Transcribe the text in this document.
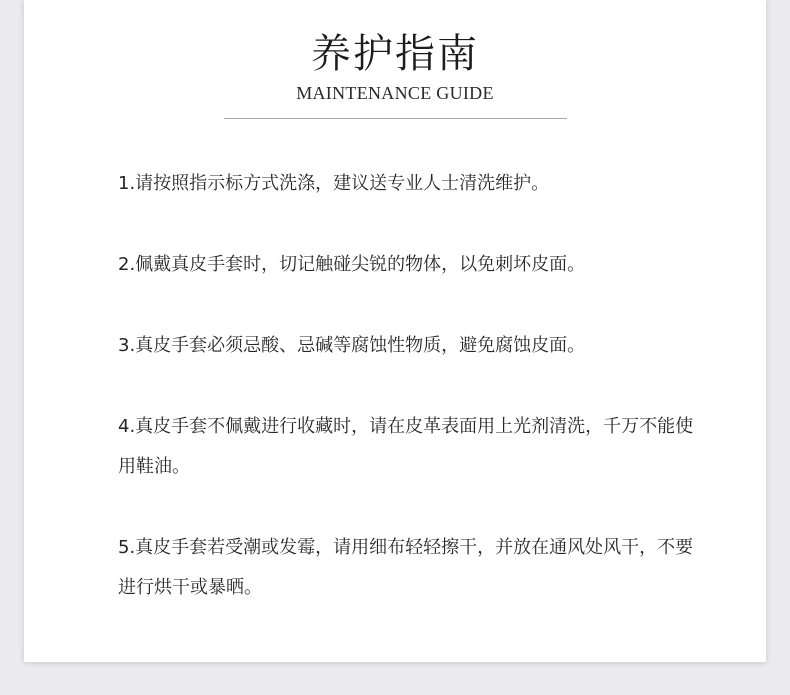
养护指南
MAINTENANCE GUIDE
1.请按照指示标方式洗涤，建议送专业人士清洗维护。
2.佩戴真皮手套时，切记触碰尖锐的物体，以免刺坏皮面。
3.真皮手套必须忌酸、忌碱等腐蚀性物质，避免腐蚀皮面。
4.真皮手套不佩戴进行收藏时，请在皮革表面用上光剂清洗，千万不能使用鞋油。
5.真皮手套若受潮或发霉，请用细布轻轻擦干，并放在通风处风干，不要进行烘干或暴晒。
